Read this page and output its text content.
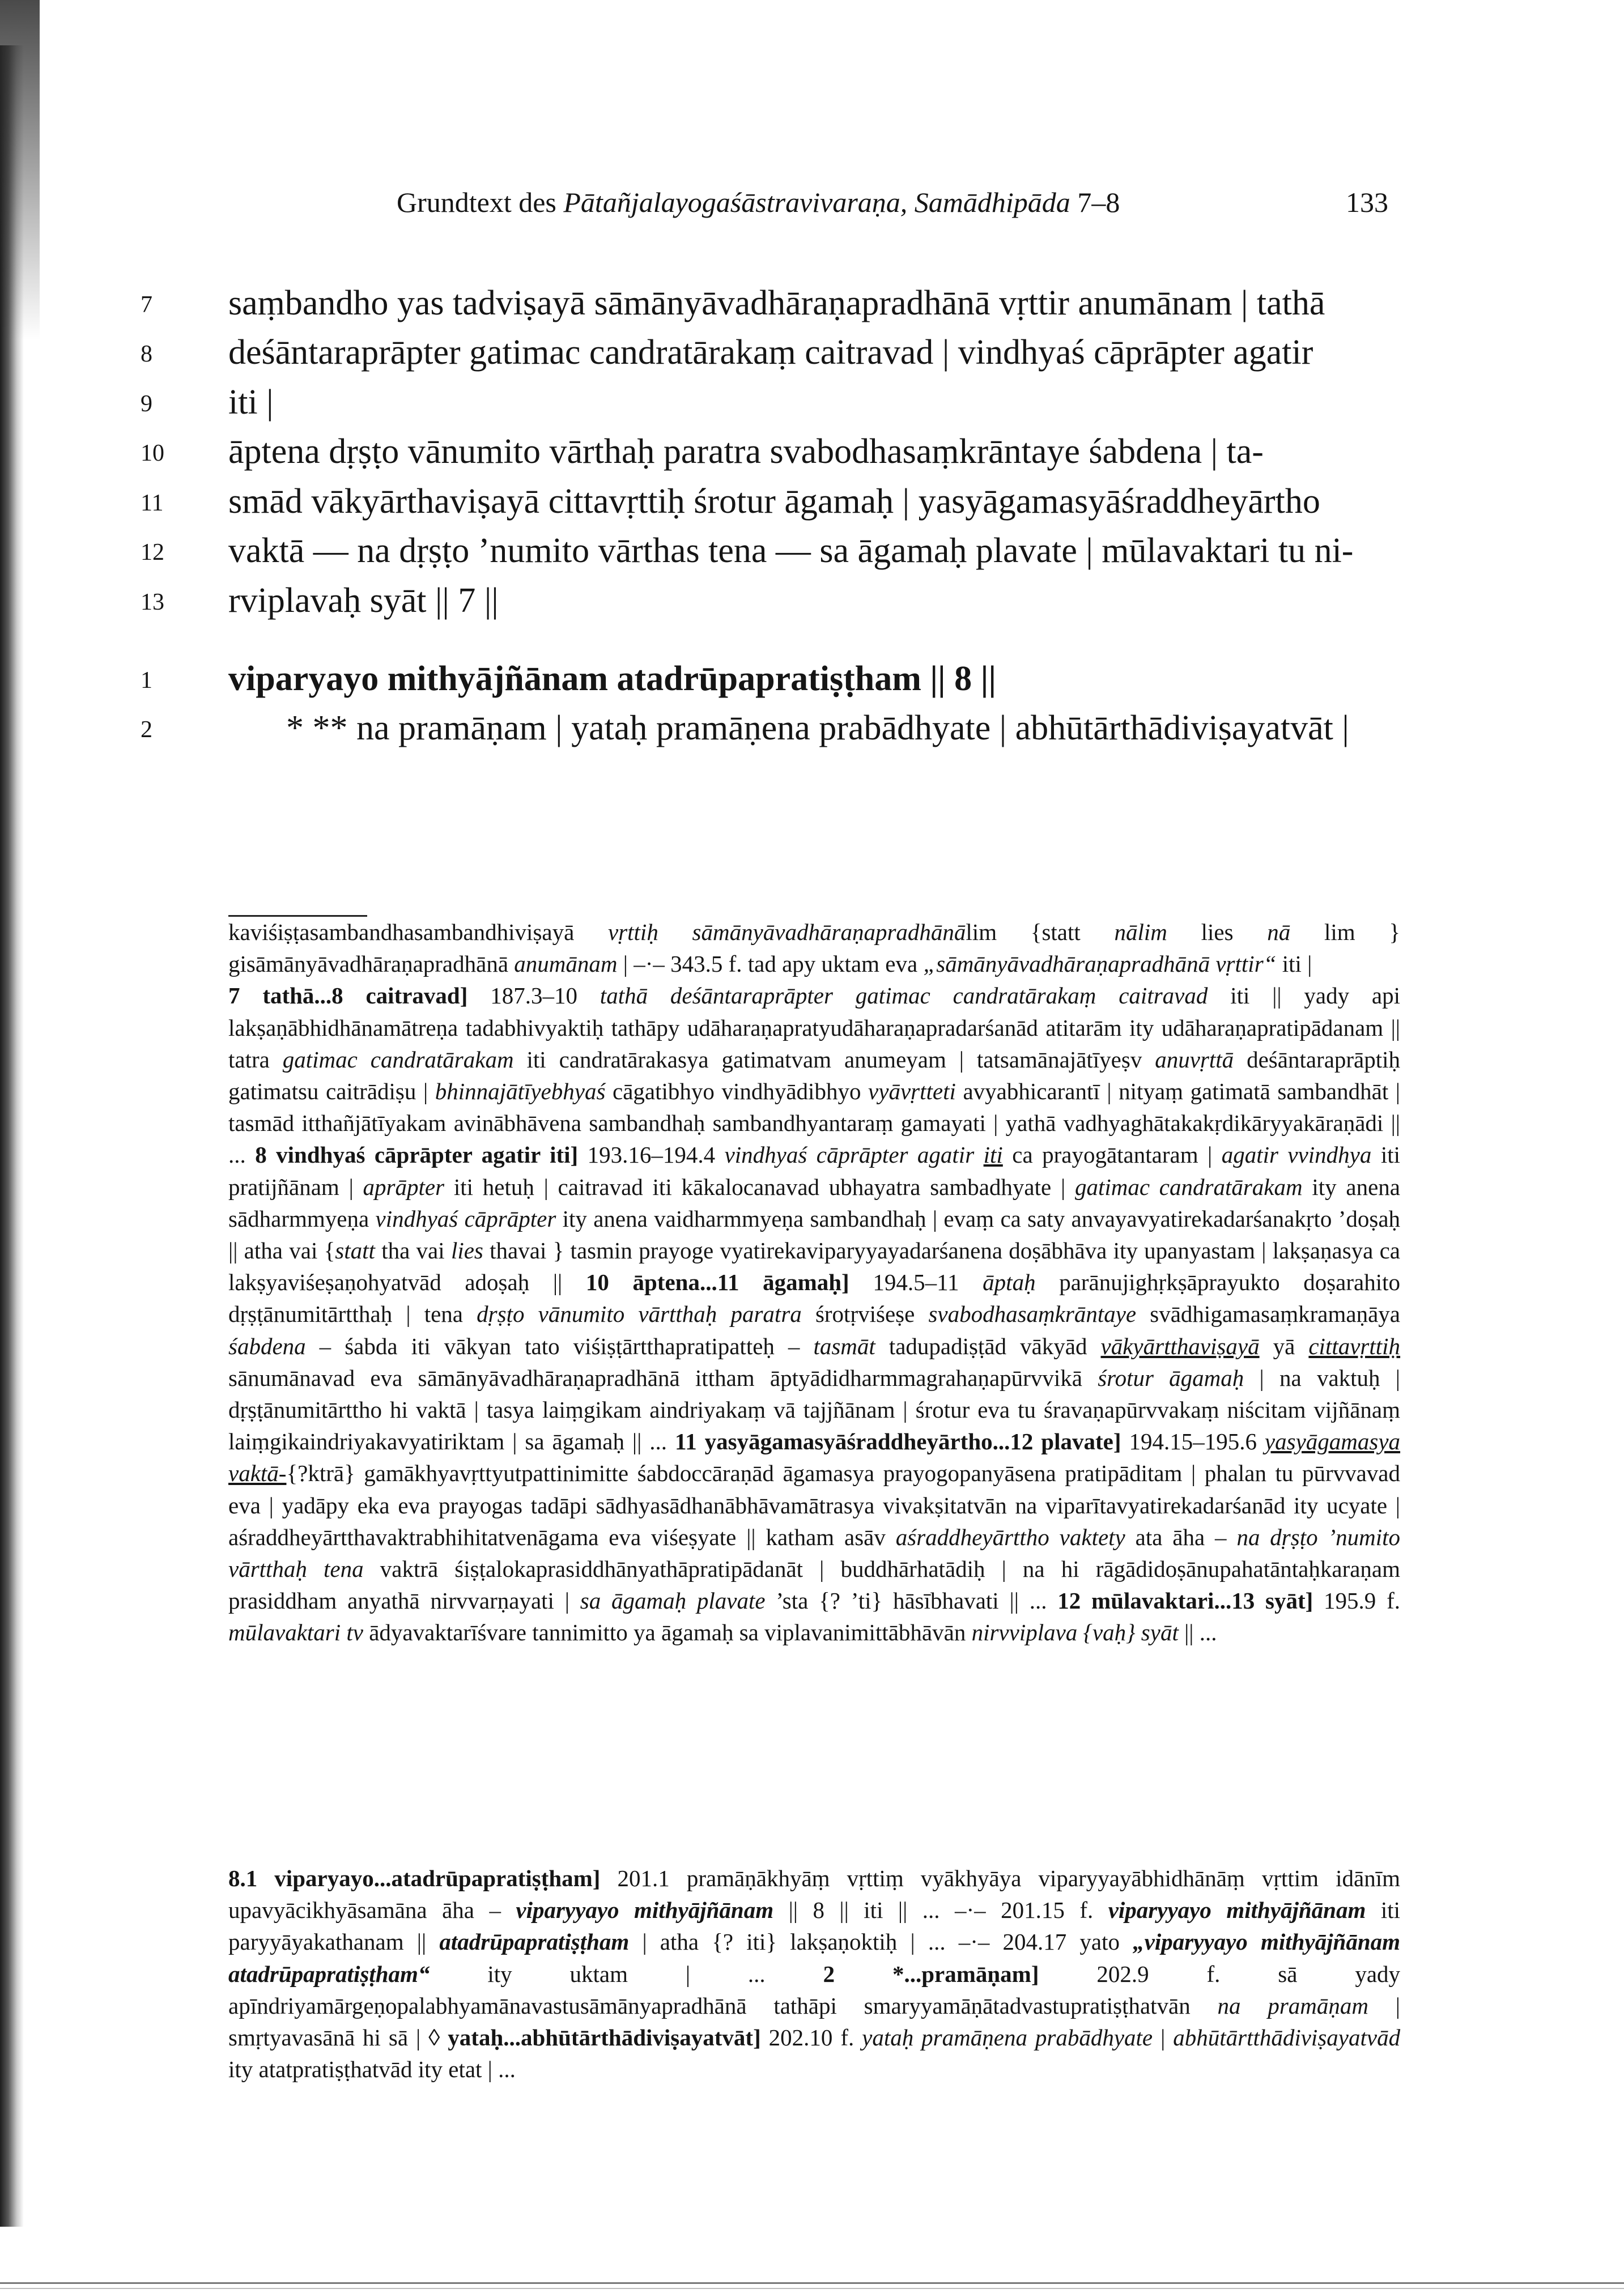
Grundtext des Pātañjalayogaśāstravivaraṇa, Samādhipāda 7–8	133
7	saṃbandho yas tadviṣayā sāmānyāvadhāraṇapradhānā vṛttir anumānam | tathā
8	deśāntaraprāpter gatimac candratārakaṃ caitravad | vindhyaś cāprāpter agatir
9	iti |
10	āptena dṛṣṭo vānumito vārthaḥ paratra svabodhasaṃkrāntaye śabdena | ta-
11	smād vākyārthaviṣayā cittavṛttiḥ śrotur āgamaḥ | yasyāgamasyāśraddheyārtho
12	vaktā — na dṛṣṭo ’numito vārthas tena — sa āgamaḥ plavate | mūlavaktari tu ni-
13	rviplavaḥ syāt || 7 ||
1	viparyayo mithyājñānam atadrūpapratiṣṭham || 8 ||
2	* ** na pramāṇam | yataḥ pramāṇena prabādhyate | abhūtārthādiviṣayatvāt |
kaviśiṣṭasambandhasambandhiviṣayā vṛttiḥ sāmānyāvadhāraṇapradhānālim {statt nālim lies nā lim } gisāmānyāvadhāraṇapradhānā anumānam | –·– 343.5 f. tad apy uktam eva „sāmānyāvadhāraṇapradhānā vṛttir“ iti |
7 tathā...8 caitravad] 187.3–10 tathā deśāntaraprāpter gatimac candratārakaṃ caitravad iti || yady api lakṣaṇābhidhānamātreṇa tadabhivyaktiḥ tathāpy udāharaṇapratyudāharaṇapradarśanād atitarām ity udāharaṇapratipādanam || tatra gatimac candratārakam iti candratārakasya gatimatvam anumeyam | tatsamānajātīyeṣv anuvṛttā deśāntaraprāptiḥ gatimatsu caitrādiṣu | bhinnajātīyebhyaś cāgatibhyo vindhyādibhyo vyāvṛtteti avyabhicarantī | nityaṃ gatimatā sambandhāt | tasmād itthañjātīyakam avinābhāvena sambandhaḥ sambandhyantaraṃ gamayati | yathā vadhyaghātakakṛdikāryyakāraṇādi || ... 8 vindhyaś cāprāpter agatir iti] 193.16–194.4 vindhyaś cāprāpter agatir iti ca prayogātantaram | agatir vvindhya iti pratijñānam | aprāpter iti hetuḥ | caitravad iti kākalocanavad ubhayatra sambadhyate | gatimac candratārakam ity anena sādharmmyeṇa vindhyaś cāprāpter ity anena vaidharmmyeṇa sambandhaḥ | evaṃ ca saty anvayavyatirekadarśanakṛto ’doṣaḥ || atha vai {statt tha vai lies thavai } tasmin prayoge vyatirekaviparyyayadarśanena doṣābhāva ity upanyastam | lakṣaṇasya ca lakṣyaviśeṣaṇohyatvād adoṣaḥ || 10 āptena...11 āgamaḥ] 194.5–11 āptaḥ parānujighṛkṣāprayukto doṣarahito dṛṣṭānumitārtthaḥ | tena dṛṣṭo vānumito vārtthaḥ paratra śrotṛviśeṣe svabodhasaṃkrāntaye svādhigamasaṃkramaṇāya śabdena – śabda iti vākyan tato viśiṣṭārtthapratipatteḥ – tasmāt tadupadiṣṭād vākyād vākyārtthaviṣayā yā cittavṛttiḥ sānumānavad eva sāmānyāvadhāraṇapradhānā ittham āptyādidharmmagrahaṇapūrvvikā śrotur āgamaḥ | na vaktuḥ | dṛṣṭānumitārttho hi vaktā | tasya laiṃgikam aindriyakaṃ vā tajjñānam | śrotur eva tu śravaṇapūrvvakaṃ niścitam vijñānaṃ laiṃgikaindriyakavyatiriktam | sa āgamaḥ || ... 11 yasyāgamasyāśraddheyārtho...12 plavate] 194.15–195.6 yasyāgamasya vaktā-{?ktrā} gamākhyavṛttyutpattinimitte śabdoccāraṇād āgamasya prayogopanyāsena pratipāditam | phalan tu pūrvvavad eva | yadāpy eka eva prayogas tadāpi sādhyasādhanābhāvamātrasya vivakṣitatvān na viparītavyatirekadarśanād ity ucyate | aśraddheyārtthavaktrabhihitatvenāgama eva viśeṣyate || katham asāv aśraddheyārttho vaktety ata āha – na dṛṣṭo ’numito vārtthaḥ tena vaktrā śiṣṭalokaprasiddhānyathāpratipādanāt | buddhārhatādiḥ | na hi rāgādidoṣānupahatāntaḥkaraṇam prasiddham anyathā nirvvarṇayati | sa āgamaḥ plavate ’sta {? ’ti} hāsībhavati || ... 12 mūlavaktari...13 syāt] 195.9 f. mūlavaktari tv ādyavaktarīśvare tannimitto ya āgamaḥ sa viplavanimittābhāvān nirvviplava {vaḥ} syāt || ...
8.1 viparyayo...atadrūpapratiṣṭham] 201.1 pramāṇākhyāṃ vṛttiṃ vyākhyāya viparyyayābhidhānāṃ vṛttim idānīm upavyācikhyāsamāna āha – viparyyayo mithyājñānam || 8 || iti || ... –·– 201.15 f. viparyyayo mithyājñānam iti paryyāyakathanam || atadrūpapratiṣṭham | atha {? iti} lakṣaṇoktiḥ | ... –·– 204.17 yato „viparyyayo mithyājñānam atadrūpapratiṣṭham“ ity uktam | ... 2 *...pramāṇam] 202.9 f. sā yady apīndriyamārgeṇopalabhyamānavastusāmānyapradhānā tathāpi smaryyamāṇātadvastupratiṣṭhatvān na pramāṇam | smṛtyavasānā hi sā | ◊ yataḥ...abhūtārthādiviṣayatvāt] 202.10 f. yataḥ pramāṇena prabādhyate | abhūtārtthādiviṣayatvād ity atatpratiṣṭhatvād ity etat | ...
